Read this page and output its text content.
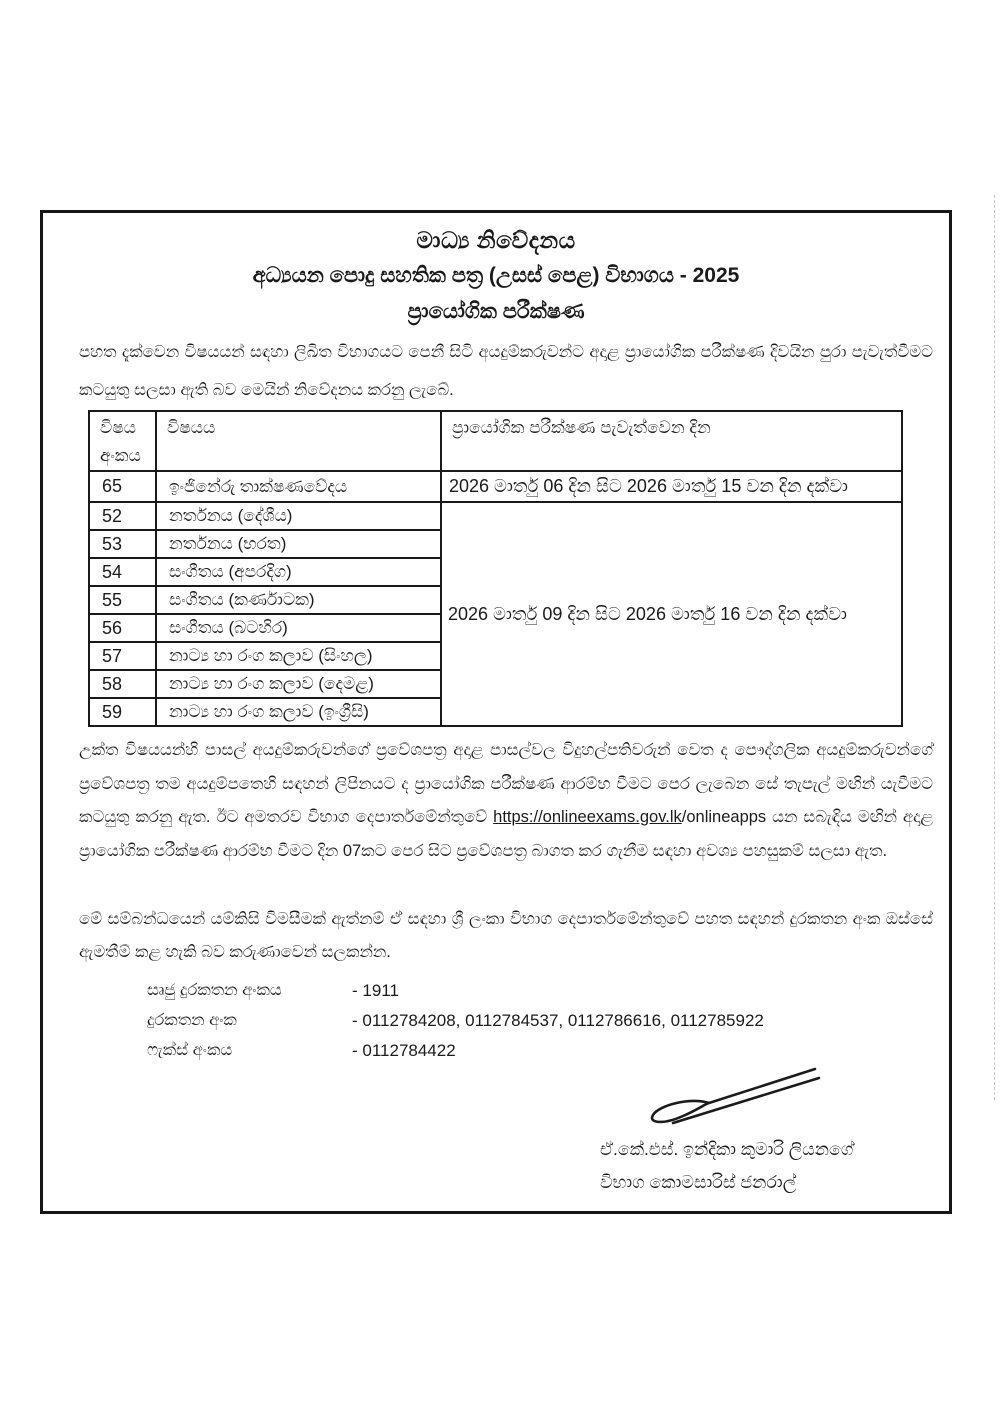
මාධ්‍ය නිවේදනය
අධ්‍යයන පොදු සහතික පත්‍ර (උසස් පෙළ) විභාගය - 2025
ප්‍රායෝගික පරීක්ෂණ
පහත දැක්වෙන විෂයයන් සඳහා ලිඛිත විභාගයට පෙනී සිටි අයදුම්කරුවන්ට අදාළ ප්‍රායෝගික පරීක්ෂණ දිවයින පුරා පැවැත්වීමට කටයුතු සලසා ඇති බව මෙයින් නිවේදනය කරනු ලැබේ.
විෂය
අංකය	විෂයය	ප්‍රායෝගික පරීක්ෂණ පැවැත්වෙන දින
65	ඉංජිනේරු තාක්ෂණවේදය	2026 මාර්තු 06 දින සිට 2026 මාර්තු 15 වන දින දක්වා
52	නර්තනය (දේශීය)	2026 මාර්තු 09 දින සිට 2026 මාර්තු 16 වන දින දක්වා
53	නර්තනය (භරත)	
54	සංගීතය (අපරදිග)	
55	සංගීතය (කර්ණාටක)	
56	සංගීතය (බටහිර)	
57	නාට්‍ය හා රංග කලාව (සිංහල)	
58	නාට්‍ය හා රංග කලාව (දෙමළ)	
59	නාට්‍ය හා රංග කලාව (ඉංග්‍රීසි)	
උක්ත විෂයයන්හි පාසල් අයදුම්කරුවන්ගේ ප්‍රවේශපත්‍ර අදාළ පාසල්වල විදුහල්පතිවරුන් වෙත ද පෞද්ගලික අයදුම්කරුවන්ගේ ප්‍රවේශපත්‍ර තම අයදුම්පතෙහි සඳහන් ලිපිනයට ද ප්‍රායෝගික පරීක්ෂණ ආරම්භ වීමට පෙර ලැබෙන සේ තැපැල් මඟින් යැවීමට කටයුතු කරනු ඇත. ඊට අමතරව විභාග දෙපාර්තමේන්තුවේ https://onlineexams.gov.lk/onlineapps යන සබැඳිය මඟින් අදාළ ප්‍රායෝගික පරීක්ෂණ ආරම්භ වීමට දින 07කට පෙර සිට ප්‍රවේශපත්‍ර බාගත කර ගැනීම සඳහා අවශ්‍ය පහසුකම් සලසා ඇත.
මේ සම්බන්ධයෙන් යම්කිසි විමසීමක් ඇත්නම් ඒ සඳහා ශ්‍රී ලංකා විභාග දෙපාර්තමේන්තුවේ පහත සඳහන් දුරකතන අංක ඔස්සේ ඇමතීම් කළ හැකි බව කරුණාවෙන් සලකන්න.
සෘජු දුරකතන අංකය	- 1911
දුරකතන අංක	- 0112784208, 0112784537, 0112786616, 0112785922
ෆැක්ස් අංකය	- 0112784422
ඒ.කේ.එස්. ඉන්දිකා කුමාරි ලියනගේ
විභාග කොමසාරිස් ජනරාල්
